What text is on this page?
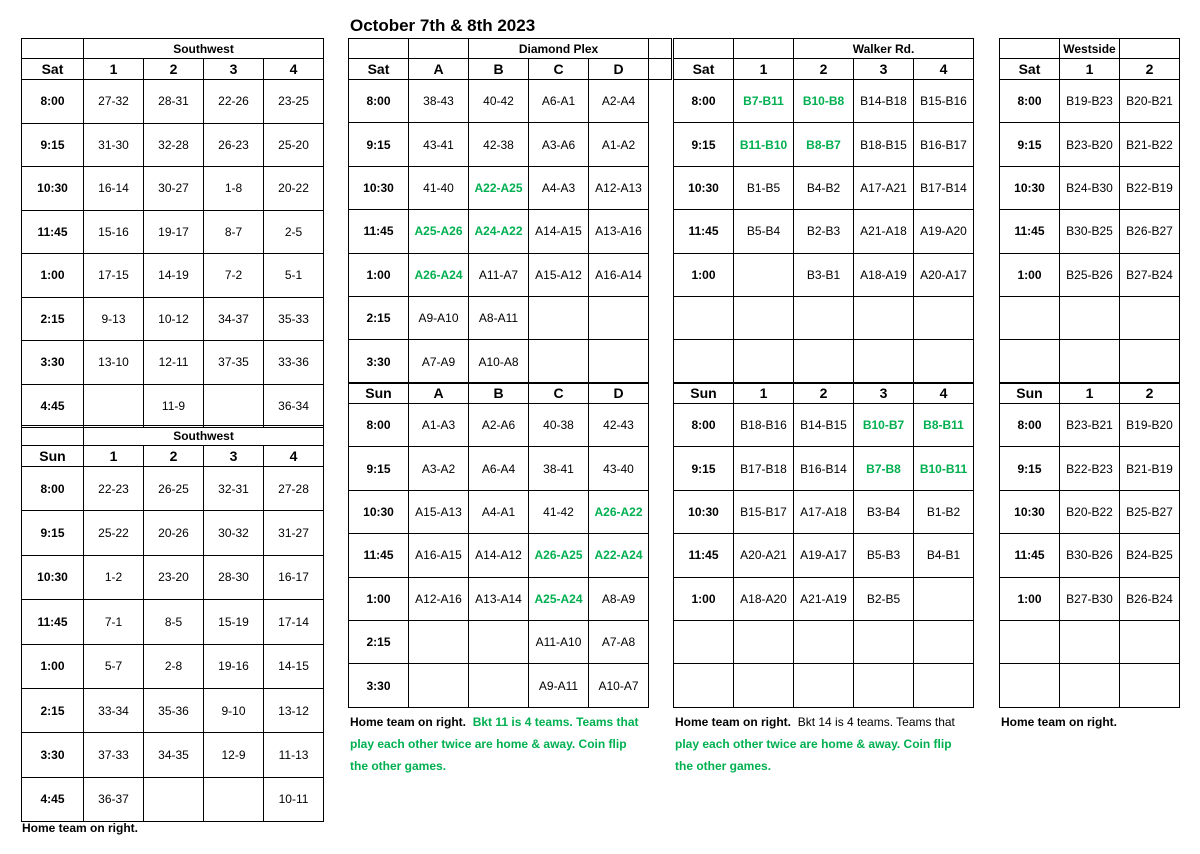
October 7th & 8th 2023
	Southwest			
Sat	1	2	3	4
8:00	27-32	28-31	22-26	23-25
9:15	31-30	32-28	26-23	25-20
10:30	16-14	30-27	1-8	20-22
11:45	15-16	19-17	8-7	2-5
1:00	17-15	14-19	7-2	5-1
2:15	9-13	10-12	34-37	35-33
3:30	13-10	12-11	37-35	33-36
4:45		11-9		36-34
	Southwest			
Sun	1	2	3	4
8:00	22-23	26-25	32-31	27-28
9:15	25-22	20-26	30-32	31-27
10:30	1-2	23-20	28-30	16-17
11:45	7-1	8-5	15-19	17-14
1:00	5-7	2-8	19-16	14-15
2:15	33-34	35-36	9-10	13-12
3:30	37-33	34-35	12-9	11-13
4:45	36-37			10-11
Home team on right.
		Diamond Plex		
Sat	A	B	C	D
8:00	38-43	40-42	A6-A1	A2-A4
9:15	43-41	42-38	A3-A6	A1-A2
10:30	41-40	A22-A25	A4-A3	A12-A13
11:45	A25-A26	A24-A22	A14-A15	A13-A16
1:00	A26-A24	A11-A7	A15-A12	A16-A14
2:15	A9-A10	A8-A11		
3:30	A7-A9	A10-A8		
Sun	A	B	C	D
8:00	A1-A3	A2-A6	40-38	42-43
9:15	A3-A2	A6-A4	38-41	43-40
10:30	A15-A13	A4-A1	41-42	A26-A22
11:45	A16-A15	A14-A12	A26-A25	A22-A24
1:00	A12-A16	A13-A14	A25-A24	A8-A9
2:15			A11-A10	A7-A8
3:30			A9-A11	A10-A7

Home team on right. Bkt 11 is 4 teams. Teams that
play each other twice are home & away. Coin flip
the other games.
		Walker Rd.		
Sat	1	2	3	4
8:00	B7-B11	B10-B8	B14-B18	B15-B16
9:15	B11-B10	B8-B7	B18-B15	B16-B17
10:30	B1-B5	B4-B2	A17-A21	B17-B14
11:45	B5-B4	B2-B3	A21-A18	A19-A20
1:00		B3-B1	A18-A19	A20-A17

Sun	1	2	3	4
8:00	B18-B16	B14-B15	B10-B7	B8-B11
9:15	B17-B18	B16-B14	B7-B8	B10-B11
10:30	B15-B17	A17-A18	B3-B4	B1-B2
11:45	A20-A21	A19-A17	B5-B3	B4-B1
1:00	A18-A20	A21-A19	B2-B5	

Home team on right. Bkt 14 is 4 teams. Teams that
play each other twice are home & away. Coin flip
the other games.
	Westside	
Sat	1	2
8:00	B19-B23	B20-B21
9:15	B23-B20	B21-B22
10:30	B24-B30	B22-B19
11:45	B30-B25	B26-B27
1:00	B25-B26	B27-B24

Sun	1	2
8:00	B23-B21	B19-B20
9:15	B22-B23	B21-B19
10:30	B20-B22	B25-B27
11:45	B30-B26	B24-B25
1:00	B27-B30	B26-B24

Home team on right.
